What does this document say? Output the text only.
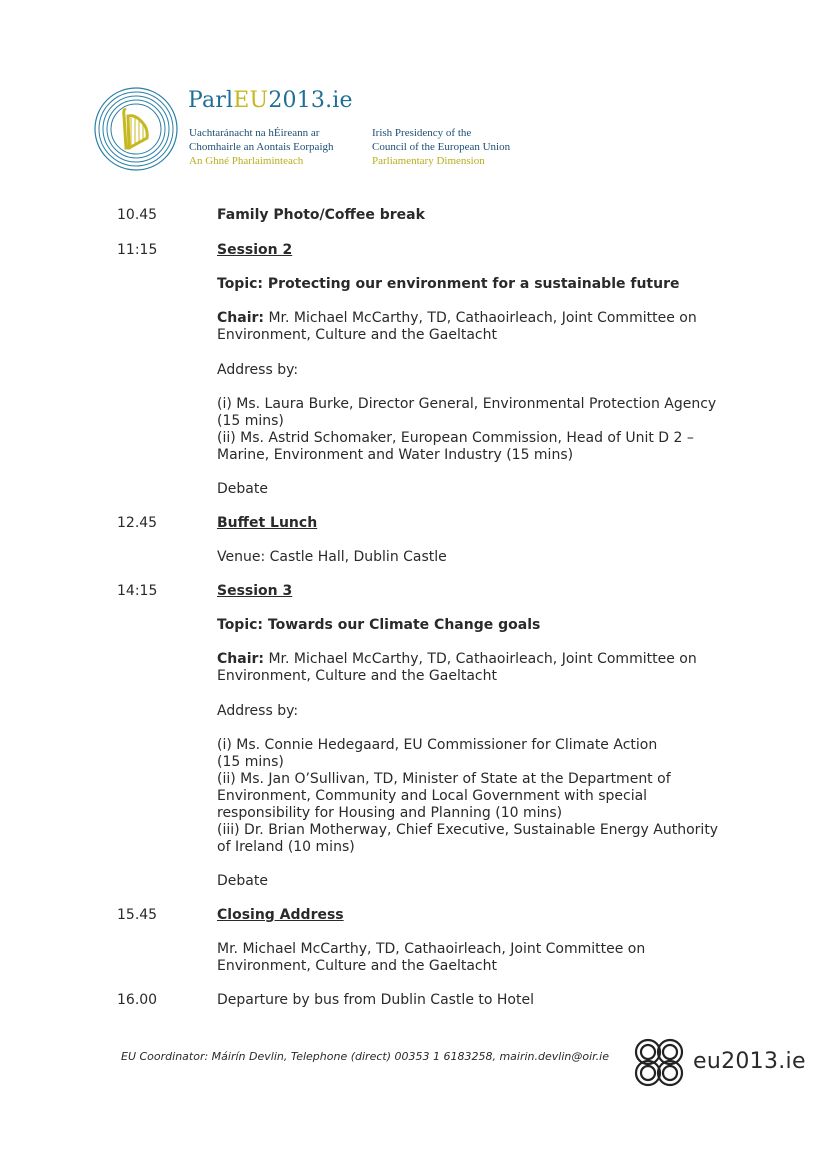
ParlEU2013.ie
Uachtaránacht na hÉireann ar
Chomhairle an Aontais Eorpaigh
An Ghné Pharlaiminteach
Irish Presidency of the
Council of the European Union
Parliamentary Dimension
10.45	Family Photo/Coffee break
11:15	Session 2
Topic: Protecting our environment for a sustainable future
Chair: Mr. Michael McCarthy, TD, Cathaoirleach, Joint Committee on
Environment, Culture and the Gaeltacht
Address by:
(i) Ms. Laura Burke, Director General, Environmental Protection Agency
(15 mins)
(ii) Ms. Astrid Schomaker, European Commission, Head of Unit D 2 –
Marine, Environment and Water Industry (15 mins)
Debate
12.45	Buffet Lunch
Venue: Castle Hall, Dublin Castle
14:15	Session 3
Topic: Towards our Climate Change goals
Chair: Mr. Michael McCarthy, TD, Cathaoirleach, Joint Committee on
Environment, Culture and the Gaeltacht
Address by:
(i) Ms. Connie Hedegaard, EU Commissioner for Climate Action
(15 mins)
(ii) Ms. Jan O’Sullivan, TD, Minister of State at the Department of
Environment, Community and Local Government with special
responsibility for Housing and Planning (10 mins)
(iii) Dr. Brian Motherway, Chief Executive, Sustainable Energy Authority
of Ireland (10 mins)
Debate
15.45	Closing Address
Mr. Michael McCarthy, TD, Cathaoirleach, Joint Committee on
Environment, Culture and the Gaeltacht
16.00	Departure by bus from Dublin Castle to Hotel
EU Coordinator: Máirín Devlin, Telephone (direct) 00353 1 6183258, mairin.devlin@oir.ie	eu2013.ie
